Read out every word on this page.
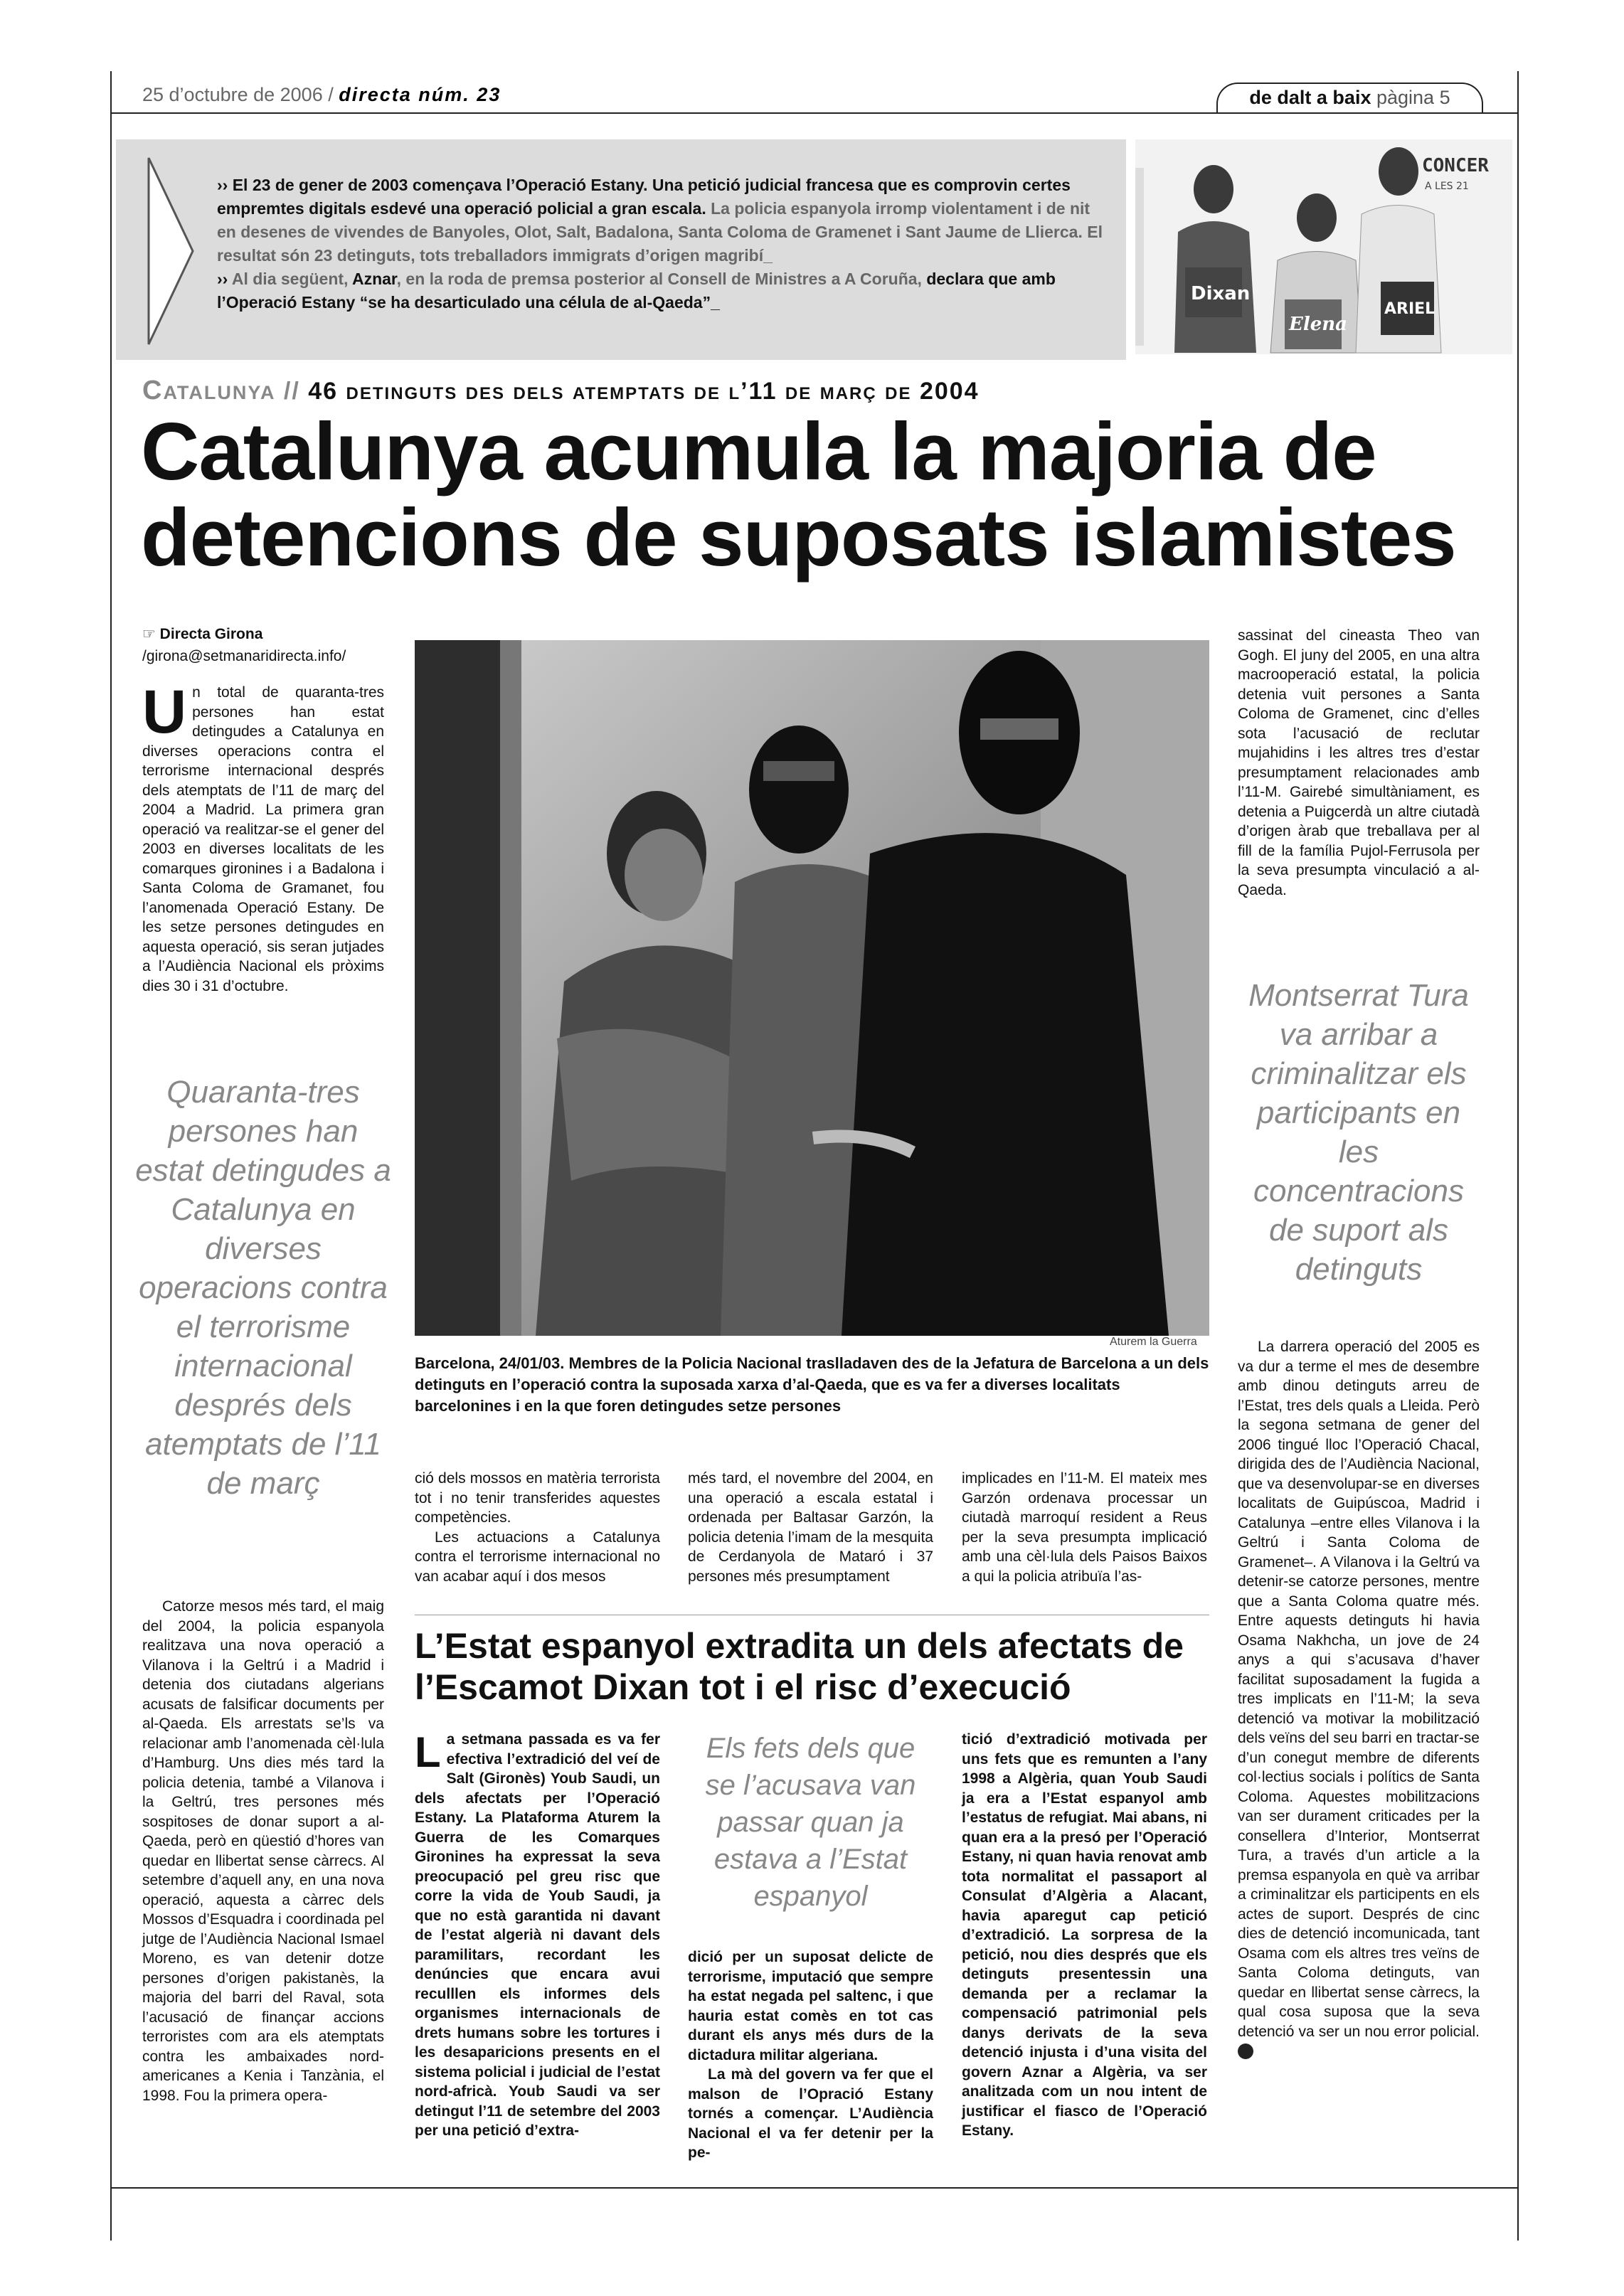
25 d’octubre de 2006 / directa núm. 23	de dalt a baix pàgina 5
›› El 23 de gener de 2003 començava l’Operació Estany. Una petició judicial francesa que es comprovin certes empremtes digitals esdevé una operació policial a gran escala. La policia espanyola irromp violentament i de nit en desenes de vivendes de Banyoles, Olot, Salt, Badalona, Santa Coloma de Gramenet i Sant Jaume de Llierca. El resultat són 23 detinguts, tots treballadors immigrats d’origen magribí_
›› Al dia següent, Aznar, en la roda de premsa posterior al Consell de Ministres a A Coruña, declara que amb l’Operació Estany “se ha desarticulado una célula de al-Qaeda”_
CONCER
A LES 21
Dixan
Elena
ARIEL
Catalunya // 46 detinguts des dels atemptats de l’11 de març de 2004
Catalunya acumula la majoria de detencions de suposats islamistes
☞ Directa Girona
/girona@setmanaridirecta.info/

Un total de quaranta-tres persones han estat detingudes a Catalunya en diverses operacions contra el terrorisme internacional després dels atemptats de l’11 de març del 2004 a Madrid. La primera gran operació va realitzar-se el gener del 2003 en diverses localitats de les comarques gironines i a Badalona i Santa Coloma de Gramanet, fou l’anomenada Operació Estany. De les setze persones detingudes en aquesta operació, sis seran jutjades a l’Audiència Nacional els pròxims dies 30 i 31 d’octubre.

Quaranta-tres persones han estat detingudes a Catalunya en diverses operacions contra el terrorisme internacional després dels atemptats de l’11 de març

Catorze mesos més tard, el maig del 2004, la policia espanyola realitzava una nova operació a Vilanova i la Geltrú i a Madrid i detenia dos ciutadans algerians acusats de falsificar documents per al-Qaeda. Els arrestats se’ls va relacionar amb l’anomenada cèl·lula d’Hamburg. Uns dies més tard la policia detenia, també a Vilanova i la Geltrú, tres persones més sospitoses de donar suport a al-Qaeda, però en qüestió d’hores van quedar en llibertat sense càrrecs. Al setembre d’aquell any, en una nova operació, aquesta a càrrec dels Mossos d’Esquadra i coordinada pel jutge de l’Audiència Nacional Ismael Moreno, es van detenir dotze persones d’origen pakistanès, la majoria del barri del Raval, sota l’acusació de finançar accions terroristes com ara els atemptats contra les ambaixades nord-americanes a Kenia i Tanzània, el 1998. Fou la primera opera-

Aturem la Guerra
Barcelona, 24/01/03. Membres de la Policia Nacional traslladaven des de la Jefatura de Barcelona a un dels detinguts en l’operació contra la suposada xarxa d’al-Qaeda, que es va fer a diverses localitats barcelonines i en la que foren detingudes setze persones

ció dels mossos en matèria terrorista tot i no tenir transferides aquestes competències.

Les actuacions a Catalunya contra el terrorisme internacional no van acabar aquí i dos mesos

més tard, el novembre del 2004, en una operació a escala estatal i ordenada per Baltasar Garzón, la policia detenia l’imam de la mesquita de Cerdanyola de Mataró i 37 persones més presumptament

implicades en l’11-M. El mateix mes Garzón ordenava processar un ciutadà marroquí resident a Reus per la seva presumpta implicació amb una cèl·lula dels Paisos Baixos a qui la policia atribuïa l’as-

sassinat del cineasta Theo van Gogh. El juny del 2005, en una altra macrooperació estatal, la policia detenia vuit persones a Santa Coloma de Gramenet, cinc d’elles sota l’acusació de reclutar mujahidins i les altres tres d’estar presumptament relacionades amb l’11-M. Gairebé simultàniament, es detenia a Puigcerdà un altre ciutadà d’origen àrab que treballava per al fill de la família Pujol-Ferrusola per la seva presumpta vinculació a al-Qaeda.

Montserrat Tura va arribar a criminalitzar els participants en les concentracions de suport als detinguts

La darrera operació del 2005 es va dur a terme el mes de desembre amb dinou detinguts arreu de l’Estat, tres dels quals a Lleida. Però la segona setmana de gener del 2006 tingué lloc l’Operació Chacal, dirigida des de l’Audiència Nacional, que va desenvolupar-se en diverses localitats de Guipúscoa, Madrid i Catalunya –entre elles Vilanova i la Geltrú i Santa Coloma de Gramenet–. A Vilanova i la Geltrú va detenir-se catorze persones, mentre que a Santa Coloma quatre més. Entre aquests detinguts hi havia Osama Nakhcha, un jove de 24 anys a qui s’acusava d’haver facilitat suposadament la fugida a tres implicats en l’11-M; la seva detenció va motivar la mobilització dels veïns del seu barri en tractar-se d’un conegut membre de diferents col·lectius socials i polítics de Santa Coloma. Aquestes mobilitzacions van ser durament criticades per la consellera d’Interior, Montserrat Tura, a través d’un article a la premsa espanyola en què va arribar a criminalitzar els participents en els actes de suport. Després de cinc dies de detenció incomunicada, tant Osama com els altres tres veïns de Santa Coloma detinguts, van quedar en llibertat sense càrrecs, la qual cosa suposa que la seva detenció va ser un nou error policial.

L’Estat espanyol extradita un dels afectats de l’Escamot Dixan tot i el risc d’execució

La setmana passada es va fer efectiva l’extradició del veí de Salt (Gironès) Youb Saudi, un dels afectats per l’Operació Estany. La Plataforma Aturem la Guerra de les Comarques Gironines ha expressat la seva preocupació pel greu risc que corre la vida de Youb Saudi, ja que no està garantida ni davant de l’estat algerià ni davant dels paramilitars, recordant les denúncies que encara avui reculllen els informes dels organismes internacionals de drets humans sobre les tortures i les desaparicions presents en el sistema policial i judicial de l’estat nord-africà. Youb Saudi va ser detingut l’11 de setembre del 2003 per una petició d’extra-

Els fets dels que se l’acusava van passar quan ja estava a l’Estat espanyol

dició per un suposat delicte de terrorisme, imputació que sempre ha estat negada pel saltenc, i que hauria estat comès en tot cas durant els anys més durs de la dictadura militar algeriana.

La mà del govern va fer que el malson de l’Opració Estany tornés a començar. L’Audiència Nacional el va fer detenir per la pe-

tició d’extradició motivada per uns fets que es remunten a l’any 1998 a Algèria, quan Youb Saudi ja era a l’Estat espanyol amb l’estatus de refugiat. Mai abans, ni quan era a la presó per l’Operació Estany, ni quan havia renovat amb tota normalitat el passaport al Consulat d’Algèria a Alacant, havia aparegut cap petició d’extradició. La sorpresa de la petició, nou dies després que els detinguts presentessin una demanda per a reclamar la compensació patrimonial pels danys derivats de la seva detenció injusta i d’una visita del govern Aznar a Algèria, va ser analitzada com un nou intent de justificar el fiasco de l’Operació Estany.
